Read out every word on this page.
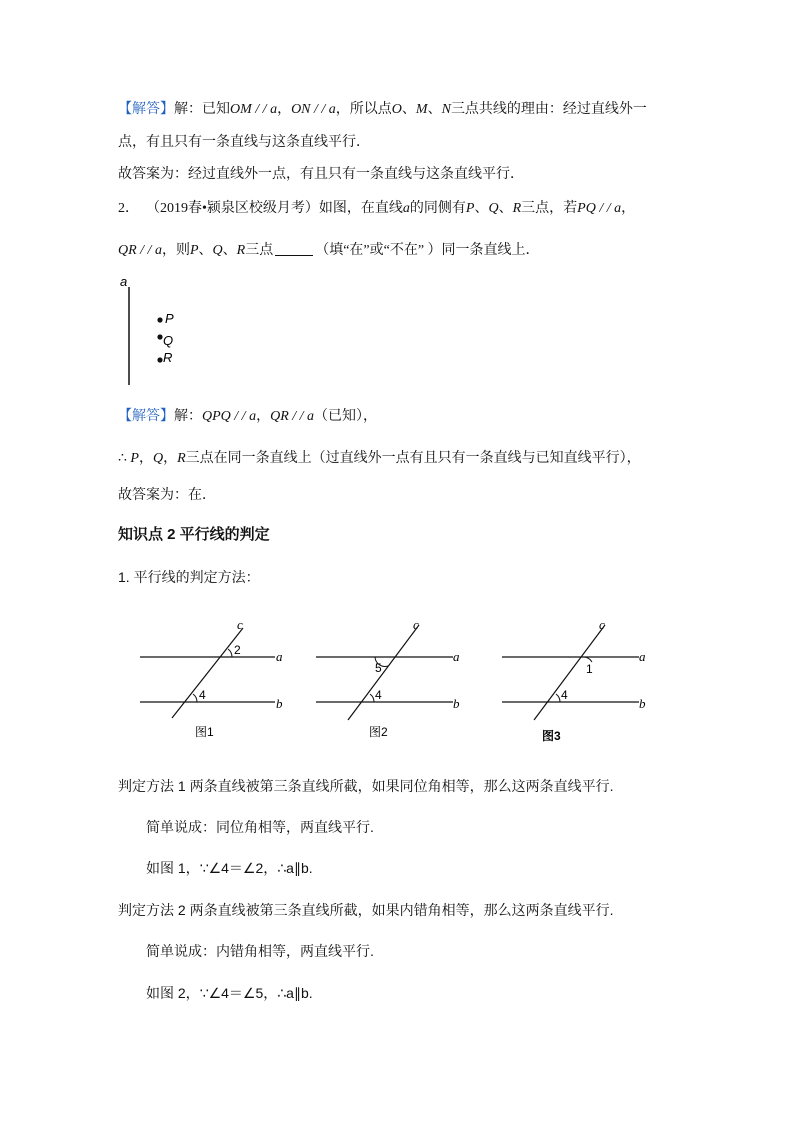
【解答】解：已知OM / / a，ON / / a，所以点O、M、N三点共线的理由：经过直线外一
点，有且只有一条直线与这条直线平行．
故答案为：经过直线外一点，有且只有一条直线与这条直线平行．
2． （2019春•颍泉区校级月考）如图，在直线a的同侧有P、Q、R三点，若PQ / / a，
QR / / a，则P、Q、R三点	（填“在”或“不在” ）同一条直线上．
a
P
Q
R
【解答】解：QPQ / / a，QR / / a（已知），
∴ P，Q，R三点在同一条直线上（过直线外一点有且只有一条直线与已知直线平行），
故答案为：在．
知识点 2 平行线的判定
1. 平行线的判定方法：
c
a
b
2
4
图1
c
a
b
5
4
图2
c
a
b
1
4
图3
判定方法 1 两条直线被第三条直线所截，如果同位角相等，那么这两条直线平行.
简单说成：同位角相等，两直线平行.
如图 1，∵∠4＝∠2，∴a∥b.
判定方法 2 两条直线被第三条直线所截，如果内错角相等，那么这两条直线平行.
简单说成：内错角相等，两直线平行.
如图 2，∵∠4＝∠5，∴a∥b.
